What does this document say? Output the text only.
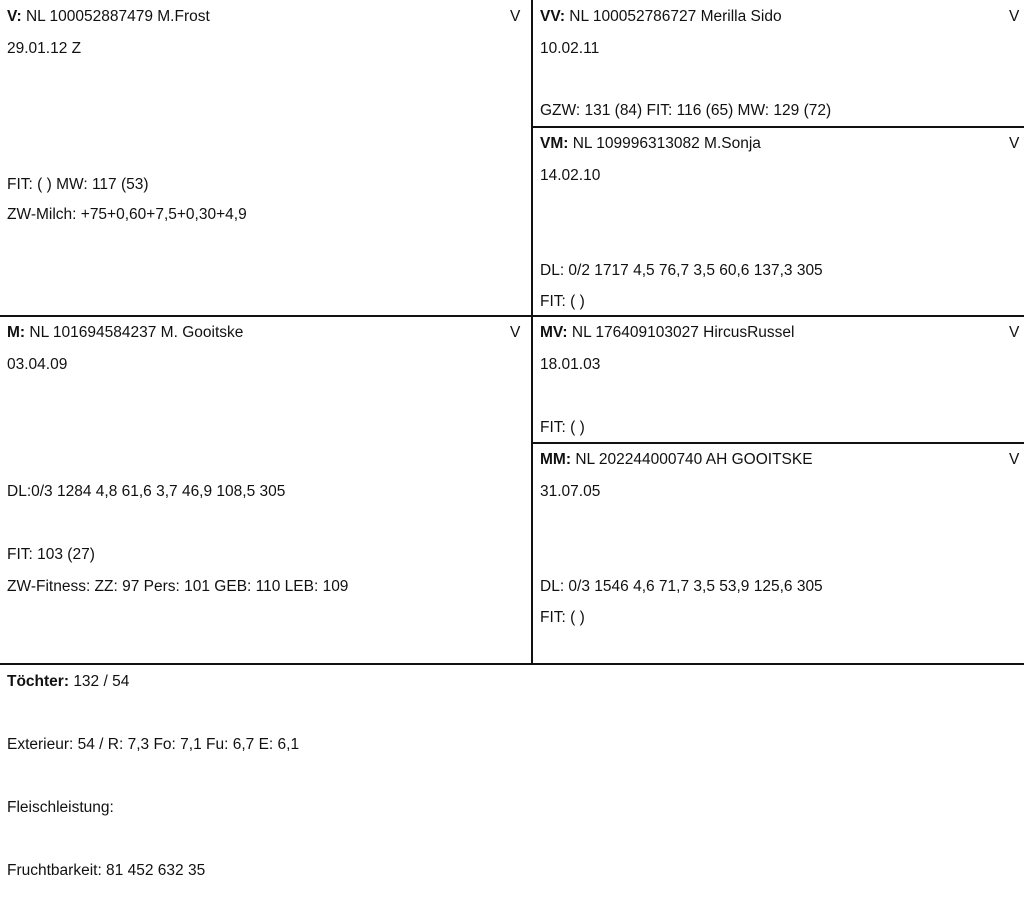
V: NL 100052887479 M.Frost	V
29.01.12 Z
FIT: ( ) MW: 117 (53)
ZW-Milch: +75+0,60+7,5+0,30+4,9
VV: NL 100052786727 Merilla Sido	V
10.02.11
GZW: 131 (84) FIT: 116 (65) MW: 129 (72)
VM: NL 109996313082 M.Sonja	V
14.02.10
DL: 0/2 1717 4,5 76,7 3,5 60,6 137,3 305
FIT: ( )
M: NL 101694584237 M. Gooitske	V
03.04.09
DL:0/3 1284 4,8 61,6 3,7 46,9 108,5 305
FIT: 103 (27)
ZW-Fitness: ZZ: 97 Pers: 101 GEB: 110 LEB: 109
MV: NL 176409103027 HircusRussel	V
18.01.03
FIT: ( )
MM: NL 202244000740 AH GOOITSKE	V
31.07.05
DL: 0/3 1546 4,6 71,7 3,5 53,9 125,6 305
FIT: ( )
Töchter: 132 / 54
Exterieur: 54 / R: 7,3 Fo: 7,1 Fu: 6,7 E: 6,1
Fleischleistung:
Fruchtbarkeit: 81 452 632 35
